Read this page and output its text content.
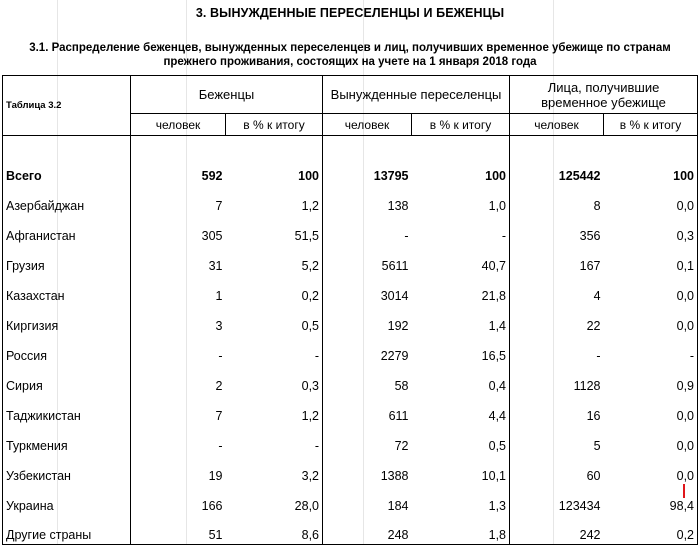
3. ВЫНУЖДЕННЫЕ ПЕРЕСЕЛЕНЦЫ И БЕЖЕНЦЫ
3.1. Распределение беженцев, вынужденных переселенцев и лиц, получивших временное убежище по странам прежнего проживания, состоящих на учете на 1 января 2018 года
Таблица 3.2	Беженцы		Вынужденные переселенцы		Лица, получившие временное убежище	
	человек	в % к итогу	человек	в % к итогу	человек	в % к итогу
Всего	592	100	13795	100	125442	100
Азербайджан	7	1,2	138	1,0	8	0,0
Афганистан	305	51,5	-	-	356	0,3
Грузия	31	5,2	5611	40,7	167	0,1
Казахстан	1	0,2	3014	21,8	4	0,0
Киргизия	3	0,5	192	1,4	22	0,0
Россия	-	-	2279	16,5	-	-
Сирия	2	0,3	58	0,4	1128	0,9
Таджикистан	7	1,2	611	4,4	16	0,0
Туркмения	-	-	72	0,5	5	0,0
Узбекистан	19	3,2	1388	10,1	60	0,0
Украина	166	28,0	184	1,3	123434	98,4
Другие страны	51	8,6	248	1,8	242	0,2
